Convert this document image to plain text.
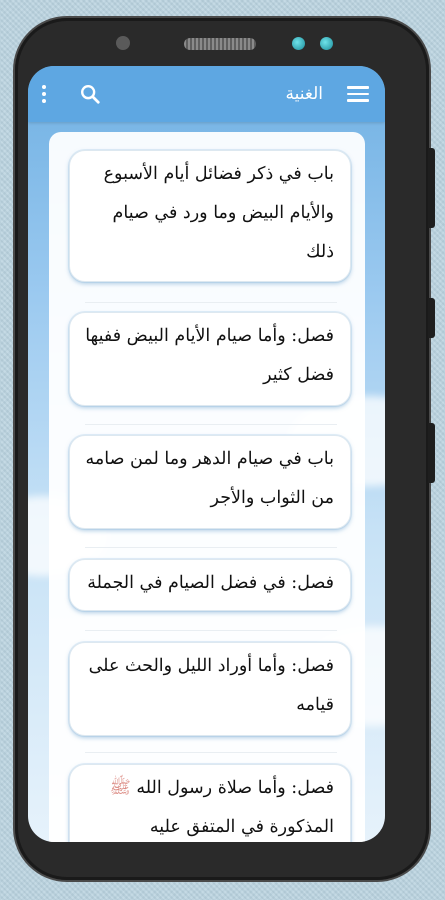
الغنية
باب في ذكر فضائل أيام الأسبوع والأيام البيض وما ورد في صيام ذلك
فصل: وأما صيام الأيام البيض ففيها فضل كثير
باب في صيام الدهر وما لمن صامه من الثواب والأجر
فصل: في فضل الصيام في الجملة
فصل: وأما أوراد الليل والحث على قيامه
فصل: وأما صلاة رسول الله ﷺ المذكورة في المتفق عليه
